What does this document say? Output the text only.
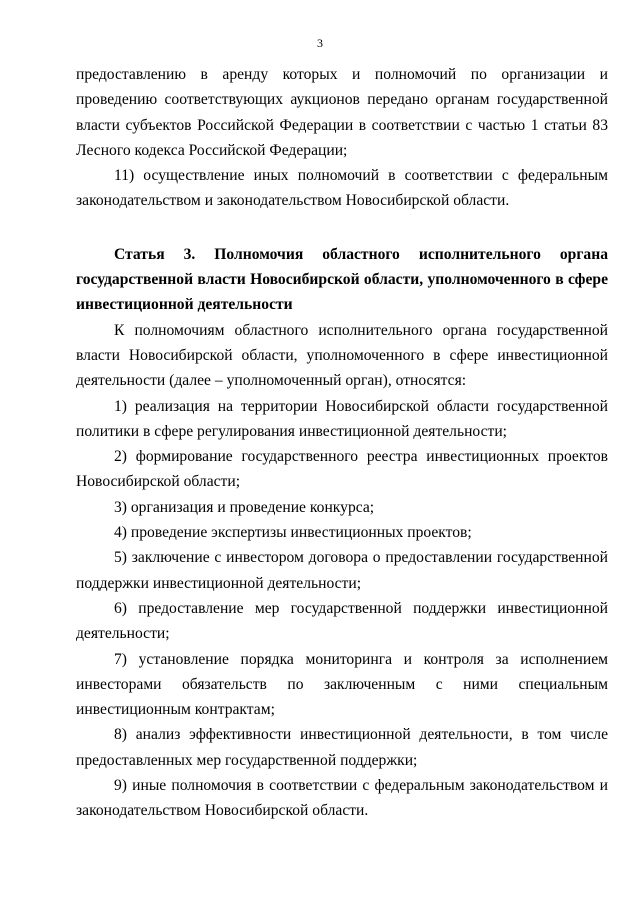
3

предоставлению в аренду которых и полномочий по организации и проведению соответствующих аукционов передано органам государственной власти субъектов Российской Федерации в соответствии с частью 1 статьи 83 Лесного кодекса Российской Федерации;

11) осуществление иных полномочий в соответствии с федеральным законодательством и законодательством Новосибирской области.

Статья 3. Полномочия областного исполнительного органа
государственной власти Новосибирской области, уполномоченного в сфере
инвестиционной деятельности

К полномочиям областного исполнительного органа государственной власти Новосибирской области, уполномоченного в сфере инвестиционной деятельности (далее – уполномоченный орган), относятся:

1) реализация на территории Новосибирской области государственной политики в сфере регулирования инвестиционной деятельности;

2) формирование государственного реестра инвестиционных проектов Новосибирской области;

3) организация и проведение конкурса;

4) проведение экспертизы инвестиционных проектов;

5) заключение с инвестором договора о предоставлении государственной поддержки инвестиционной деятельности;

6) предоставление мер государственной поддержки инвестиционной деятельности;

7) установление порядка мониторинга и контроля за исполнением инвесторами обязательств по заключенным с ними специальным инвестиционным контрактам;

8) анализ эффективности инвестиционной деятельности, в том числе предоставленных мер государственной поддержки;

9) иные полномочия в соответствии с федеральным законодательством и законодательством Новосибирской области.
